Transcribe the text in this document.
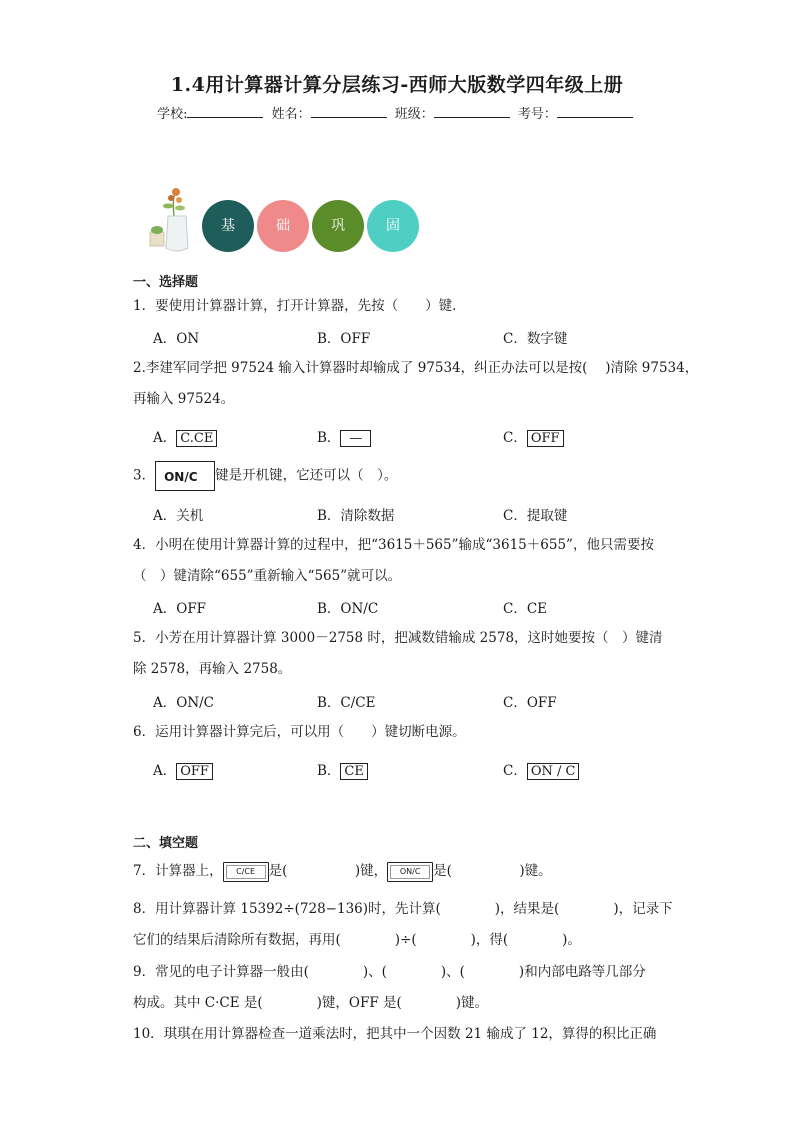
1.4用计算器计算分层练习-西师大版数学四年级上册
学校:	姓名：	班级：	考号：
基	础	巩	固
一、选择题
1．要使用计算器计算，打开计算器，先按（　　）键．
A．ON	B．OFF	C．数字键
2.李建军同学把 97524 输入计算器时却输成了 97534，纠正办法可以是按(　 )清除 97534，
再输入 97524。
A． C.CE	B． —	C． OFF
3． ON/C 键是开机键，它还可以（　）。
A．关机	B．清除数据	C．提取键
4．小明在使用计算器计算的过程中，把“3615＋565”输成“3615＋655”，他只需要按
（　）键清除“655”重新输入“565”就可以。
A．OFF	B．ON/C	C．CE
5．小芳在用计算器计算 3000－2758 时，把减数错输成 2578，这时她要按（　）键清
除 2578，再输入 2758。
A．ON/C	B．C/CE	C．OFF
6．运用计算器计算完后，可以用（　　）键切断电源。
A． OFF	B． CE	C． ON / C
二、填空题
7．计算器上， C/CE 是(　　　　　)键， ON/C 是(　　　　　)键。
8．用计算器计算 15392÷(728−136)时，先计算(　　　　)，结果是(　　　　)，记录下
它们的结果后清除所有数据，再用(　　　　)÷(　　　　)，得(　　　　)。
9．常见的电子计算器一般由(　　　　)、(　　　　)、(　　　　)和内部电路等几部分
构成。其中 C·CE 是(　　　　)键，OFF 是(　　　　)键。
10．琪琪在用计算器检查一道乘法时，把其中一个因数 21 输成了 12，算得的积比正确
